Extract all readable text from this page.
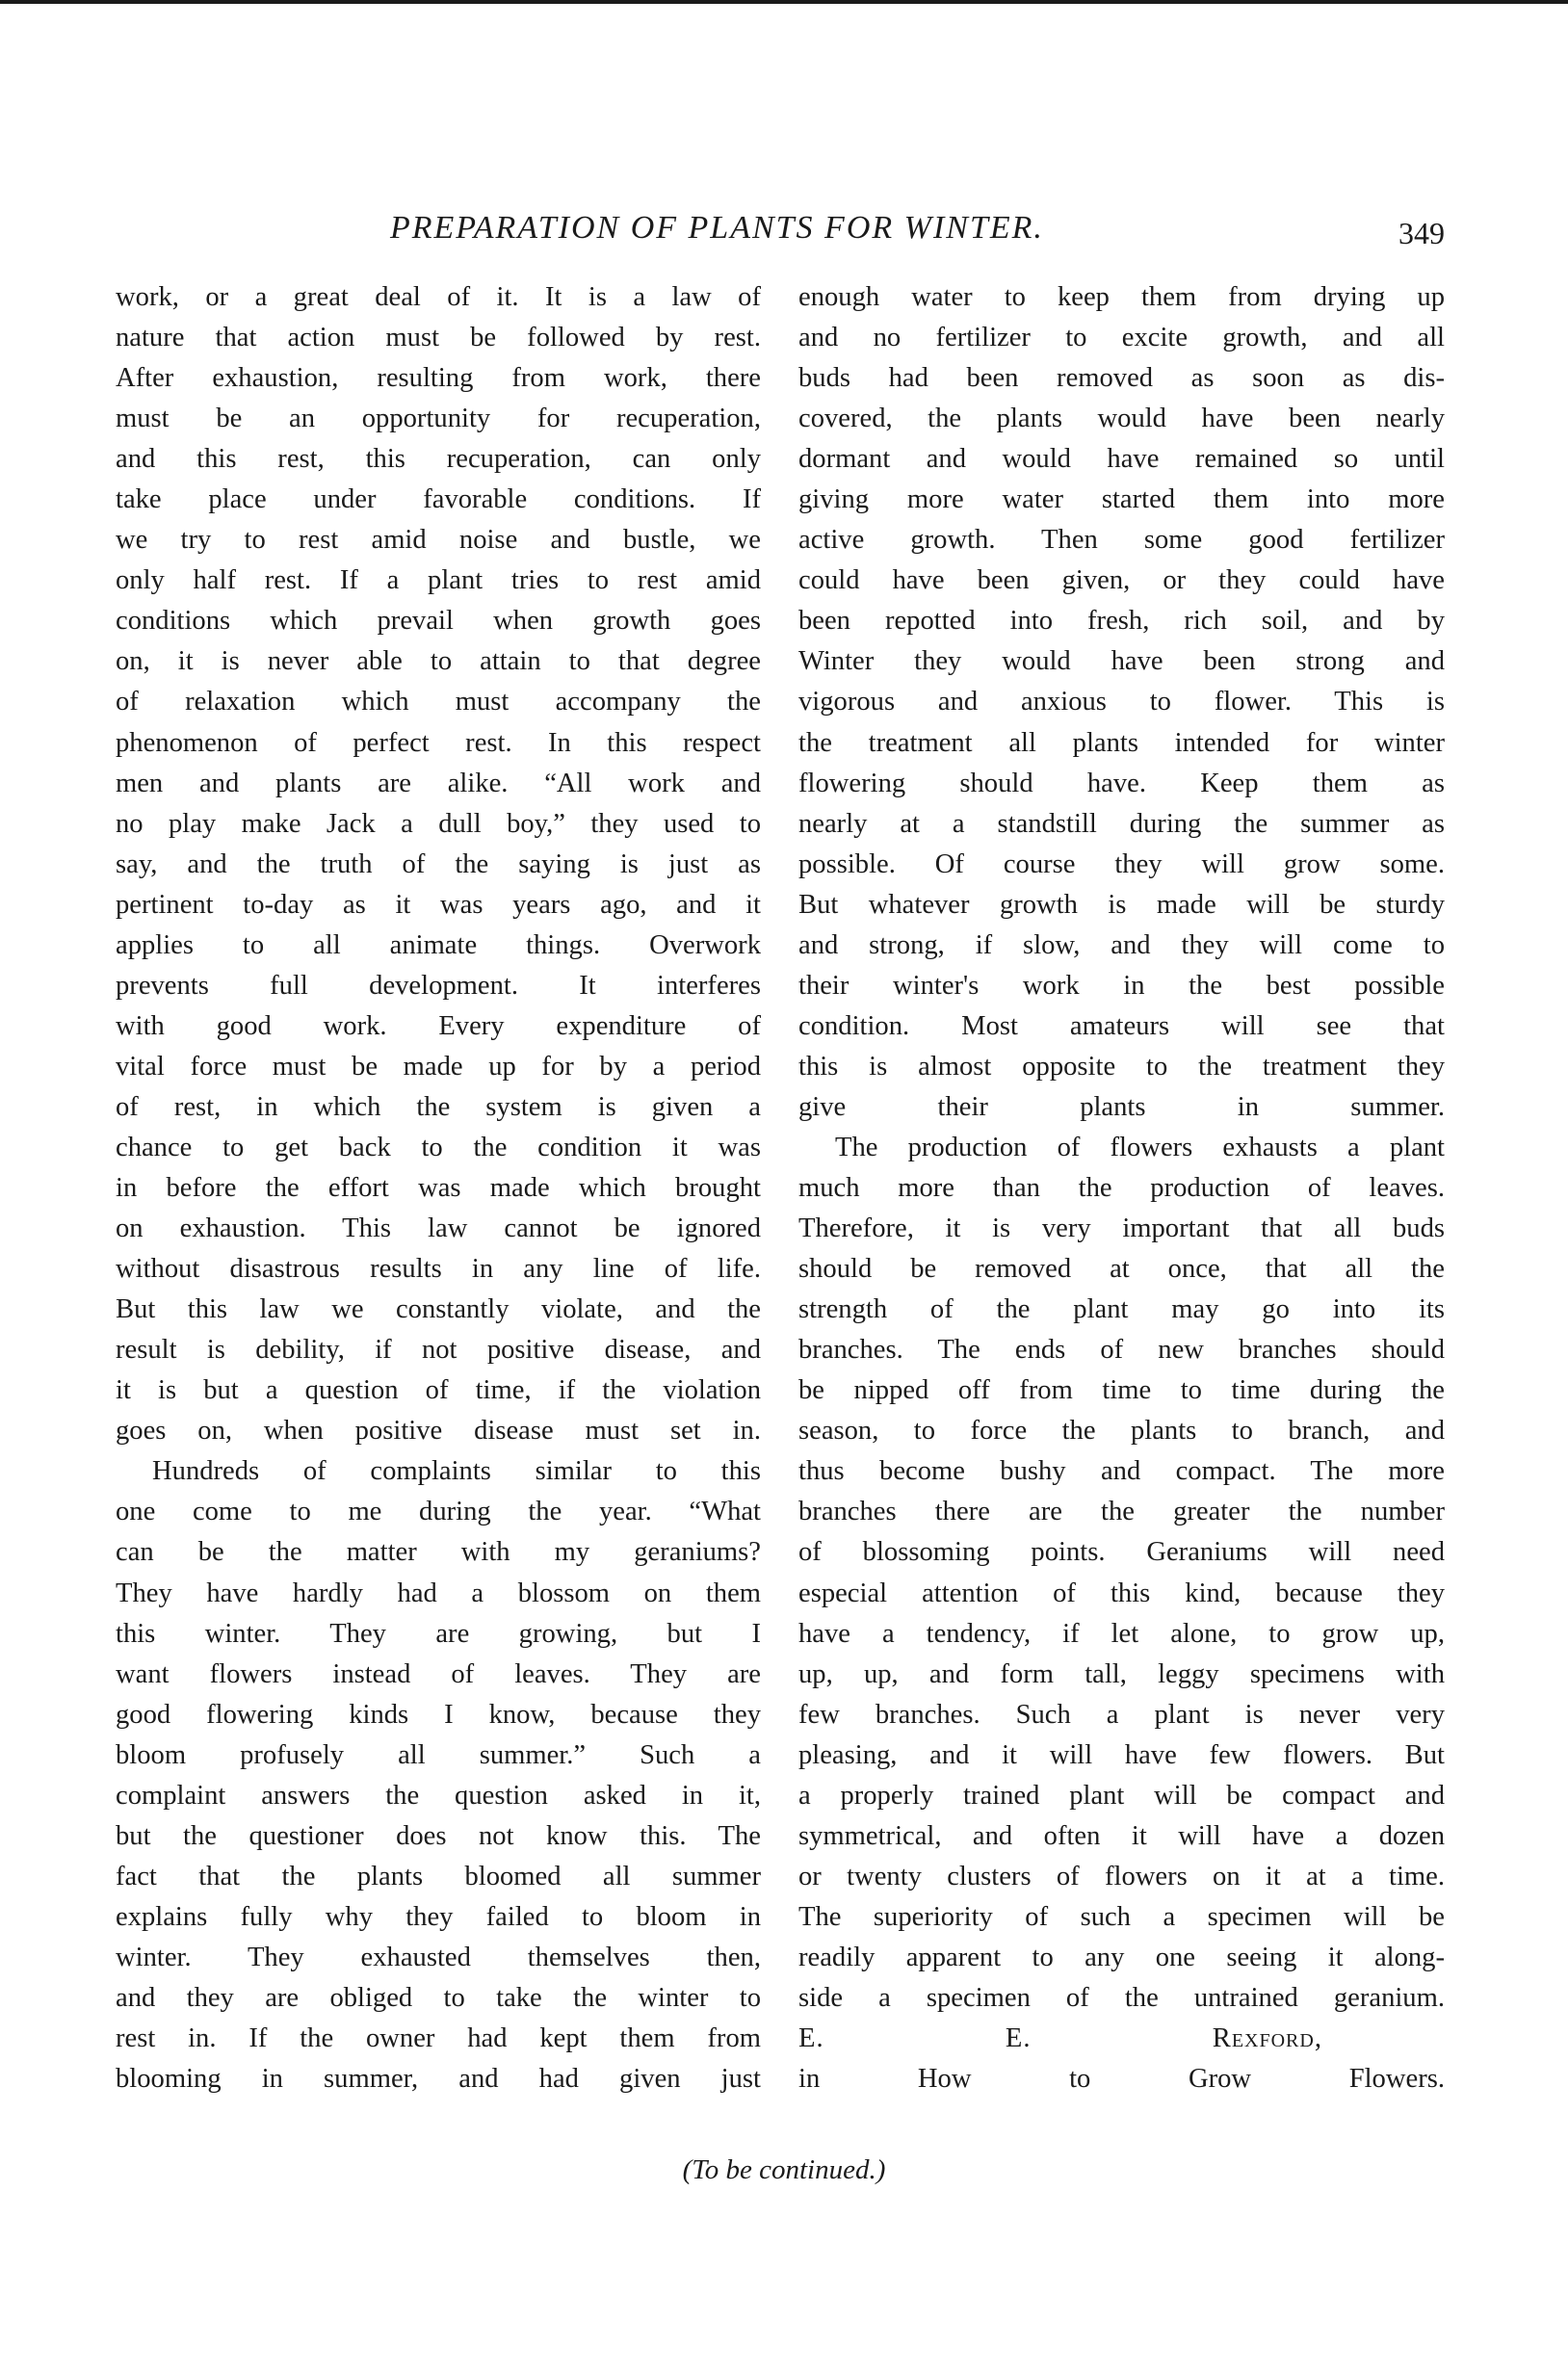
PREPARATION OF PLANTS FOR WINTER.	349

work, or a great deal of it. It is a law of
nature that action must be followed by rest.
After exhaustion, resulting from work, there
must be an opportunity for recuperation,
and this rest, this recuperation, can only
take place under favorable conditions. If
we try to rest amid noise and bustle, we
only half rest. If a plant tries to rest amid
conditions which prevail when growth goes
on, it is never able to attain to that degree
of relaxation which must accompany the
phenomenon of perfect rest. In this respect
men and plants are alike. “All work and
no play make Jack a dull boy,” they used to
say, and the truth of the saying is just as
pertinent to-day as it was years ago, and it
applies to all animate things. Overwork
prevents full development. It interferes
with good work. Every expenditure of
vital force must be made up for by a period
of rest, in which the system is given a
chance to get back to the condition it was
in before the effort was made which brought
on exhaustion. This law cannot be ignored
without disastrous results in any line of life.
But this law we constantly violate, and the
result is debility, if not positive disease, and
it is but a question of time, if the violation
goes on, when positive disease must set in.

Hundreds of complaints similar to this
one come to me during the year. “What
can be the matter with my geraniums?
They have hardly had a blossom on them
this winter. They are growing, but I
want flowers instead of leaves. They are
good flowering kinds I know, because they
bloom profusely all summer.” Such a
complaint answers the question asked in it,
but the questioner does not know this. The
fact that the plants bloomed all summer
explains fully why they failed to bloom in
winter. They exhausted themselves then,
and they are obliged to take the winter to
rest in. If the owner had kept them from
blooming in summer, and had given just

enough water to keep them from drying up
and no fertilizer to excite growth, and all
buds had been removed as soon as dis-
covered, the plants would have been nearly
dormant and would have remained so until
giving more water started them into more
active growth. Then some good fertilizer
could have been given, or they could have
been repotted into fresh, rich soil, and by
Winter they would have been strong and
vigorous and anxious to flower. This is
the treatment all plants intended for winter
flowering should have. Keep them as
nearly at a standstill during the summer as
possible. Of course they will grow some.
But whatever growth is made will be sturdy
and strong, if slow, and they will come to
their winter's work in the best possible
condition. Most amateurs will see that
this is almost opposite to the treatment they
give their plants in summer.

The production of flowers exhausts a plant
much more than the production of leaves.
Therefore, it is very important that all buds
should be removed at once, that all the
strength of the plant may go into its
branches. The ends of new branches should
be nipped off from time to time during the
season, to force the plants to branch, and
thus become bushy and compact. The more
branches there are the greater the number
of blossoming points. Geraniums will need
especial attention of this kind, because they
have a tendency, if let alone, to grow up,
up, up, and form tall, leggy specimens with
few branches. Such a plant is never very
pleasing, and it will have few flowers. But
a properly trained plant will be compact and
symmetrical, and often it will have a dozen
or twenty clusters of flowers on it at a time.
The superiority of such a specimen will be
readily apparent to any one seeing it along-
side a specimen of the untrained geranium.

E. E. Rexford,
in How to Grow Flowers.

(To be continued.)
